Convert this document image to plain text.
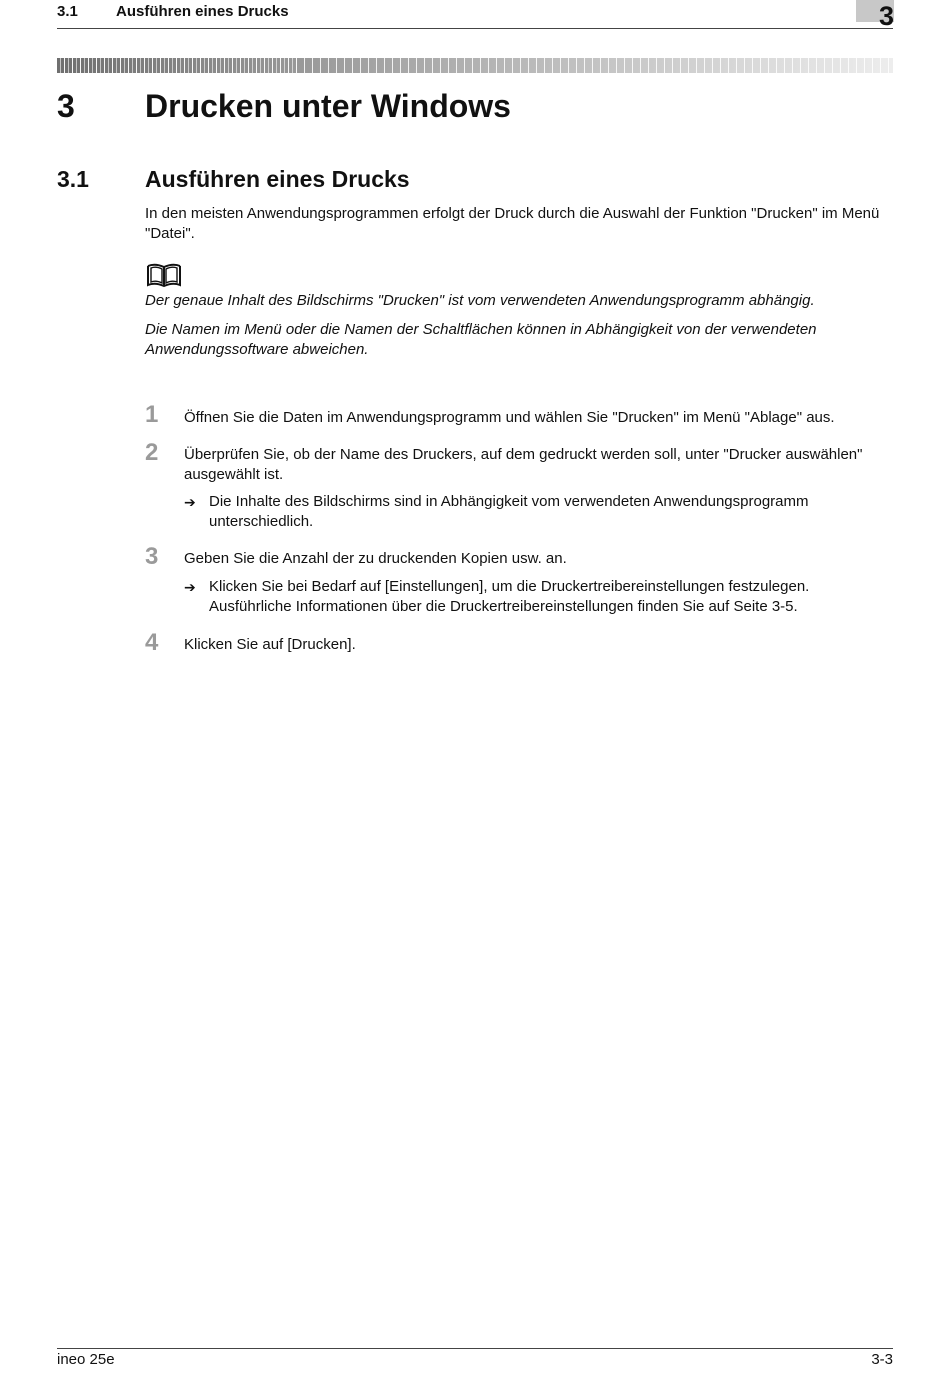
3.1	Ausführen eines Drucks	3
3 Drucken unter Windows
3.1 Ausführen eines Drucks
In den meisten Anwendungsprogrammen erfolgt der Druck durch die Auswahl der Funktion "Drucken" im Menü "Datei".
Der genaue Inhalt des Bildschirms "Drucken" ist vom verwendeten Anwendungsprogramm abhängig.
Die Namen im Menü oder die Namen der Schaltflächen können in Abhängigkeit von der verwendeten Anwendungssoftware abweichen.
1 Öffnen Sie die Daten im Anwendungsprogramm und wählen Sie "Drucken" im Menü "Ablage" aus.
2 Überprüfen Sie, ob der Name des Druckers, auf dem gedruckt werden soll, unter "Drucker auswählen" ausgewählt ist.
➔ Die Inhalte des Bildschirms sind in Abhängigkeit vom verwendeten Anwendungsprogramm unterschiedlich.
3 Geben Sie die Anzahl der zu druckenden Kopien usw. an.
➔ Klicken Sie bei Bedarf auf [Einstellungen], um die Druckertreibereinstellungen festzulegen. Ausführliche Informationen über die Druckertreibereinstellungen finden Sie auf Seite 3-5.
4 Klicken Sie auf [Drucken].
ineo 25e	3-3
